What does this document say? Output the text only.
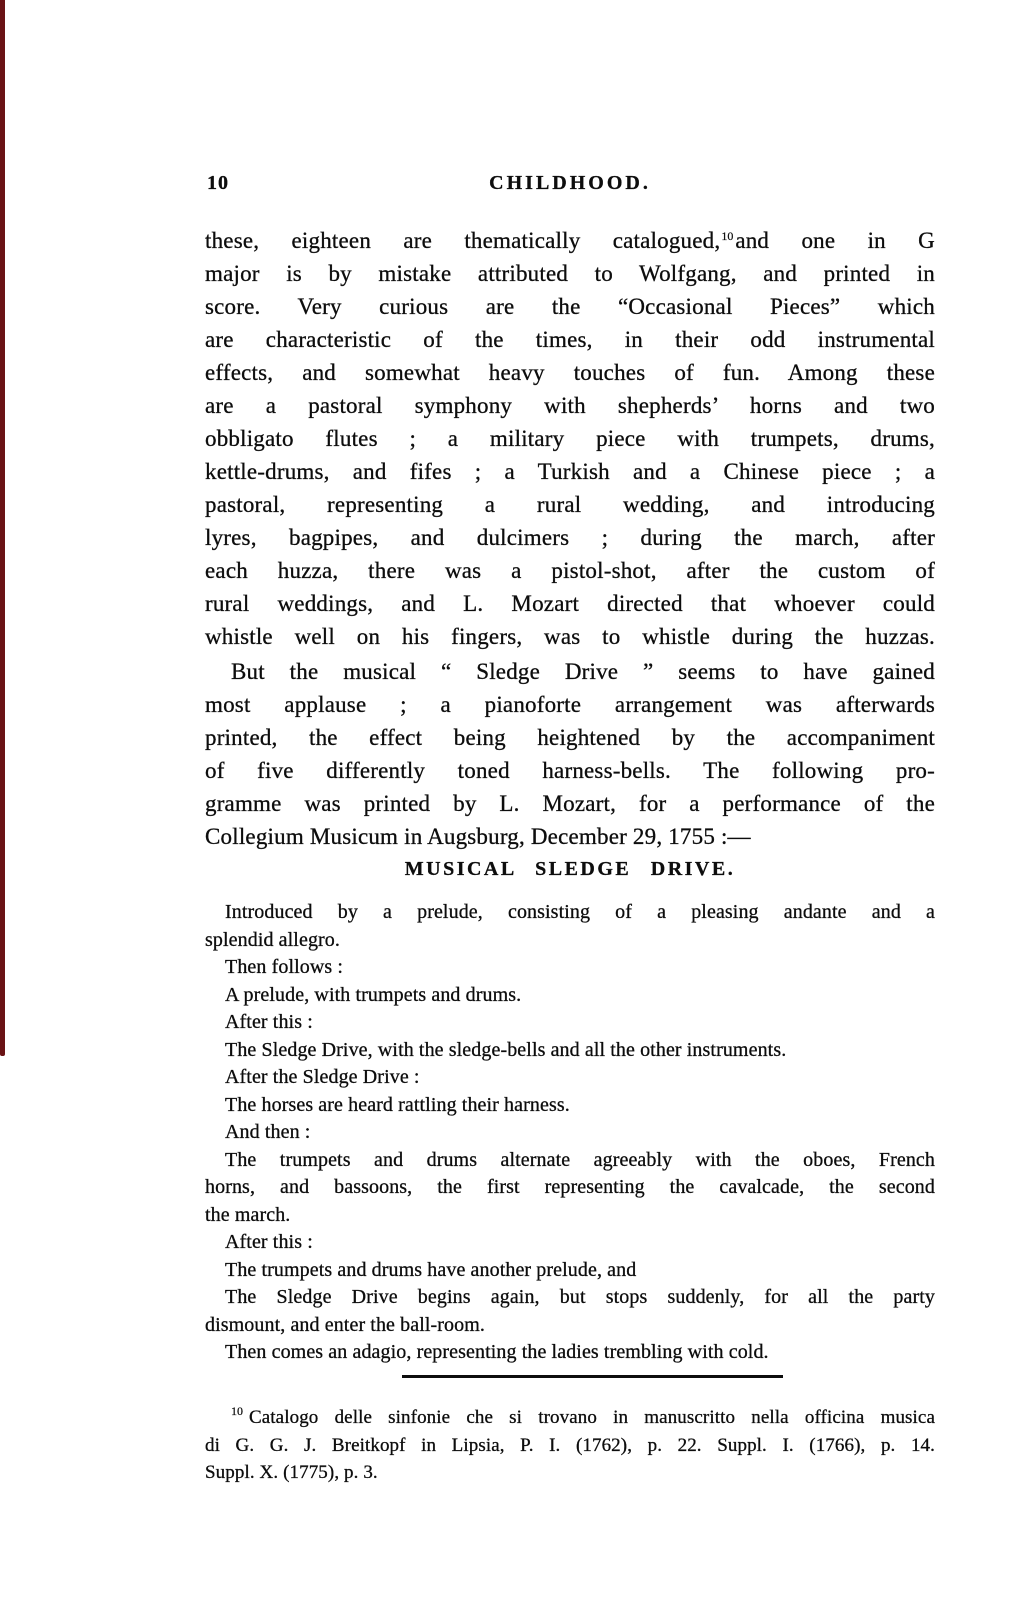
10	CHILDHOOD.
these, eighteen are thematically catalogued,$^{10}$and one in G
major is by mistake attributed to Wolfgang, and printed in
score. Very curious are the “Occasional Pieces” which
are characteristic of the times, in their odd instrumental
effects, and somewhat heavy touches of fun. Among these
are a pastoral symphony with shepherds’ horns and two
obbligato flutes ; a military piece with trumpets, drums,
kettle-drums, and fifes ; a Turkish and a Chinese piece ; a
pastoral, representing a rural wedding, and introducing
lyres, bagpipes, and dulcimers ; during the march, after
each huzza, there was a pistol-shot, after the custom of
rural weddings, and L. Mozart directed that whoever could
whistle well on his fingers, was to whistle during the huzzas.
But the musical “ Sledge Drive ” seems to have gained
most applause ; a pianoforte arrangement was afterwards
printed, the effect being heightened by the accompaniment
of five differently toned harness-bells. The following pro-
gramme was printed by L. Mozart, for a performance of the
Collegium Musicum in Augsburg, December 29, 1755 :—
MUSICAL SLEDGE DRIVE.
Introduced by a prelude, consisting of a pleasing andante and a
splendid allegro.
Then follows :
A prelude, with trumpets and drums.
After this :
The Sledge Drive, with the sledge-bells and all the other instruments.
After the Sledge Drive :
The horses are heard rattling their harness.
And then :
The trumpets and drums alternate agreeably with the oboes, French
horns, and bassoons, the first representing the cavalcade, the second
the march.
After this :
The trumpets and drums have another prelude, and
The Sledge Drive begins again, but stops suddenly, for all the party
dismount, and enter the ball-room.
Then comes an adagio, representing the ladies trembling with cold.
$^{10}$ Catalogo delle sinfonie che si trovano in manuscritto nella officina musica
di G. G. J. Breitkopf in Lipsia, P. I. (1762), p. 22. Suppl. I. (1766), p. 14.
Suppl. X. (1775), p. 3.
